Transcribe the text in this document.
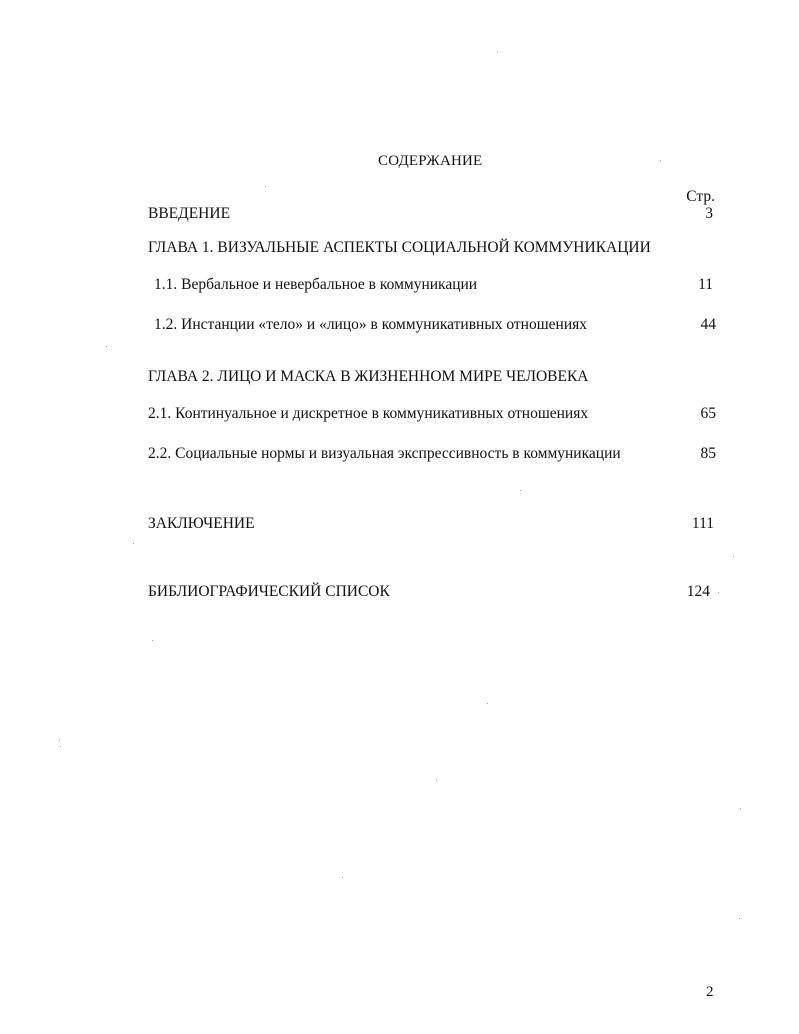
СОДЕРЖАНИЕ
Стр.
ВВЕДЕНИЕ	3
ГЛАВА 1. ВИЗУАЛЬНЫЕ АСПЕКТЫ СОЦИАЛЬНОЙ КОММУНИКАЦИИ
1.1. Вербальное и невербальное в коммуникации	11
1.2. Инстанции «тело» и «лицо» в коммуникативных отношениях	44
ГЛАВА 2. ЛИЦО И МАСКА В ЖИЗНЕННОМ МИРЕ ЧЕЛОВЕКА
2.1. Континуальное и дискретное в коммуникативных отношениях	65
2.2. Социальные нормы и визуальная экспрессивность в коммуникации	85
ЗАКЛЮЧЕНИЕ	111
БИБЛИОГРАФИЧЕСКИЙ СПИСОК	124
2
